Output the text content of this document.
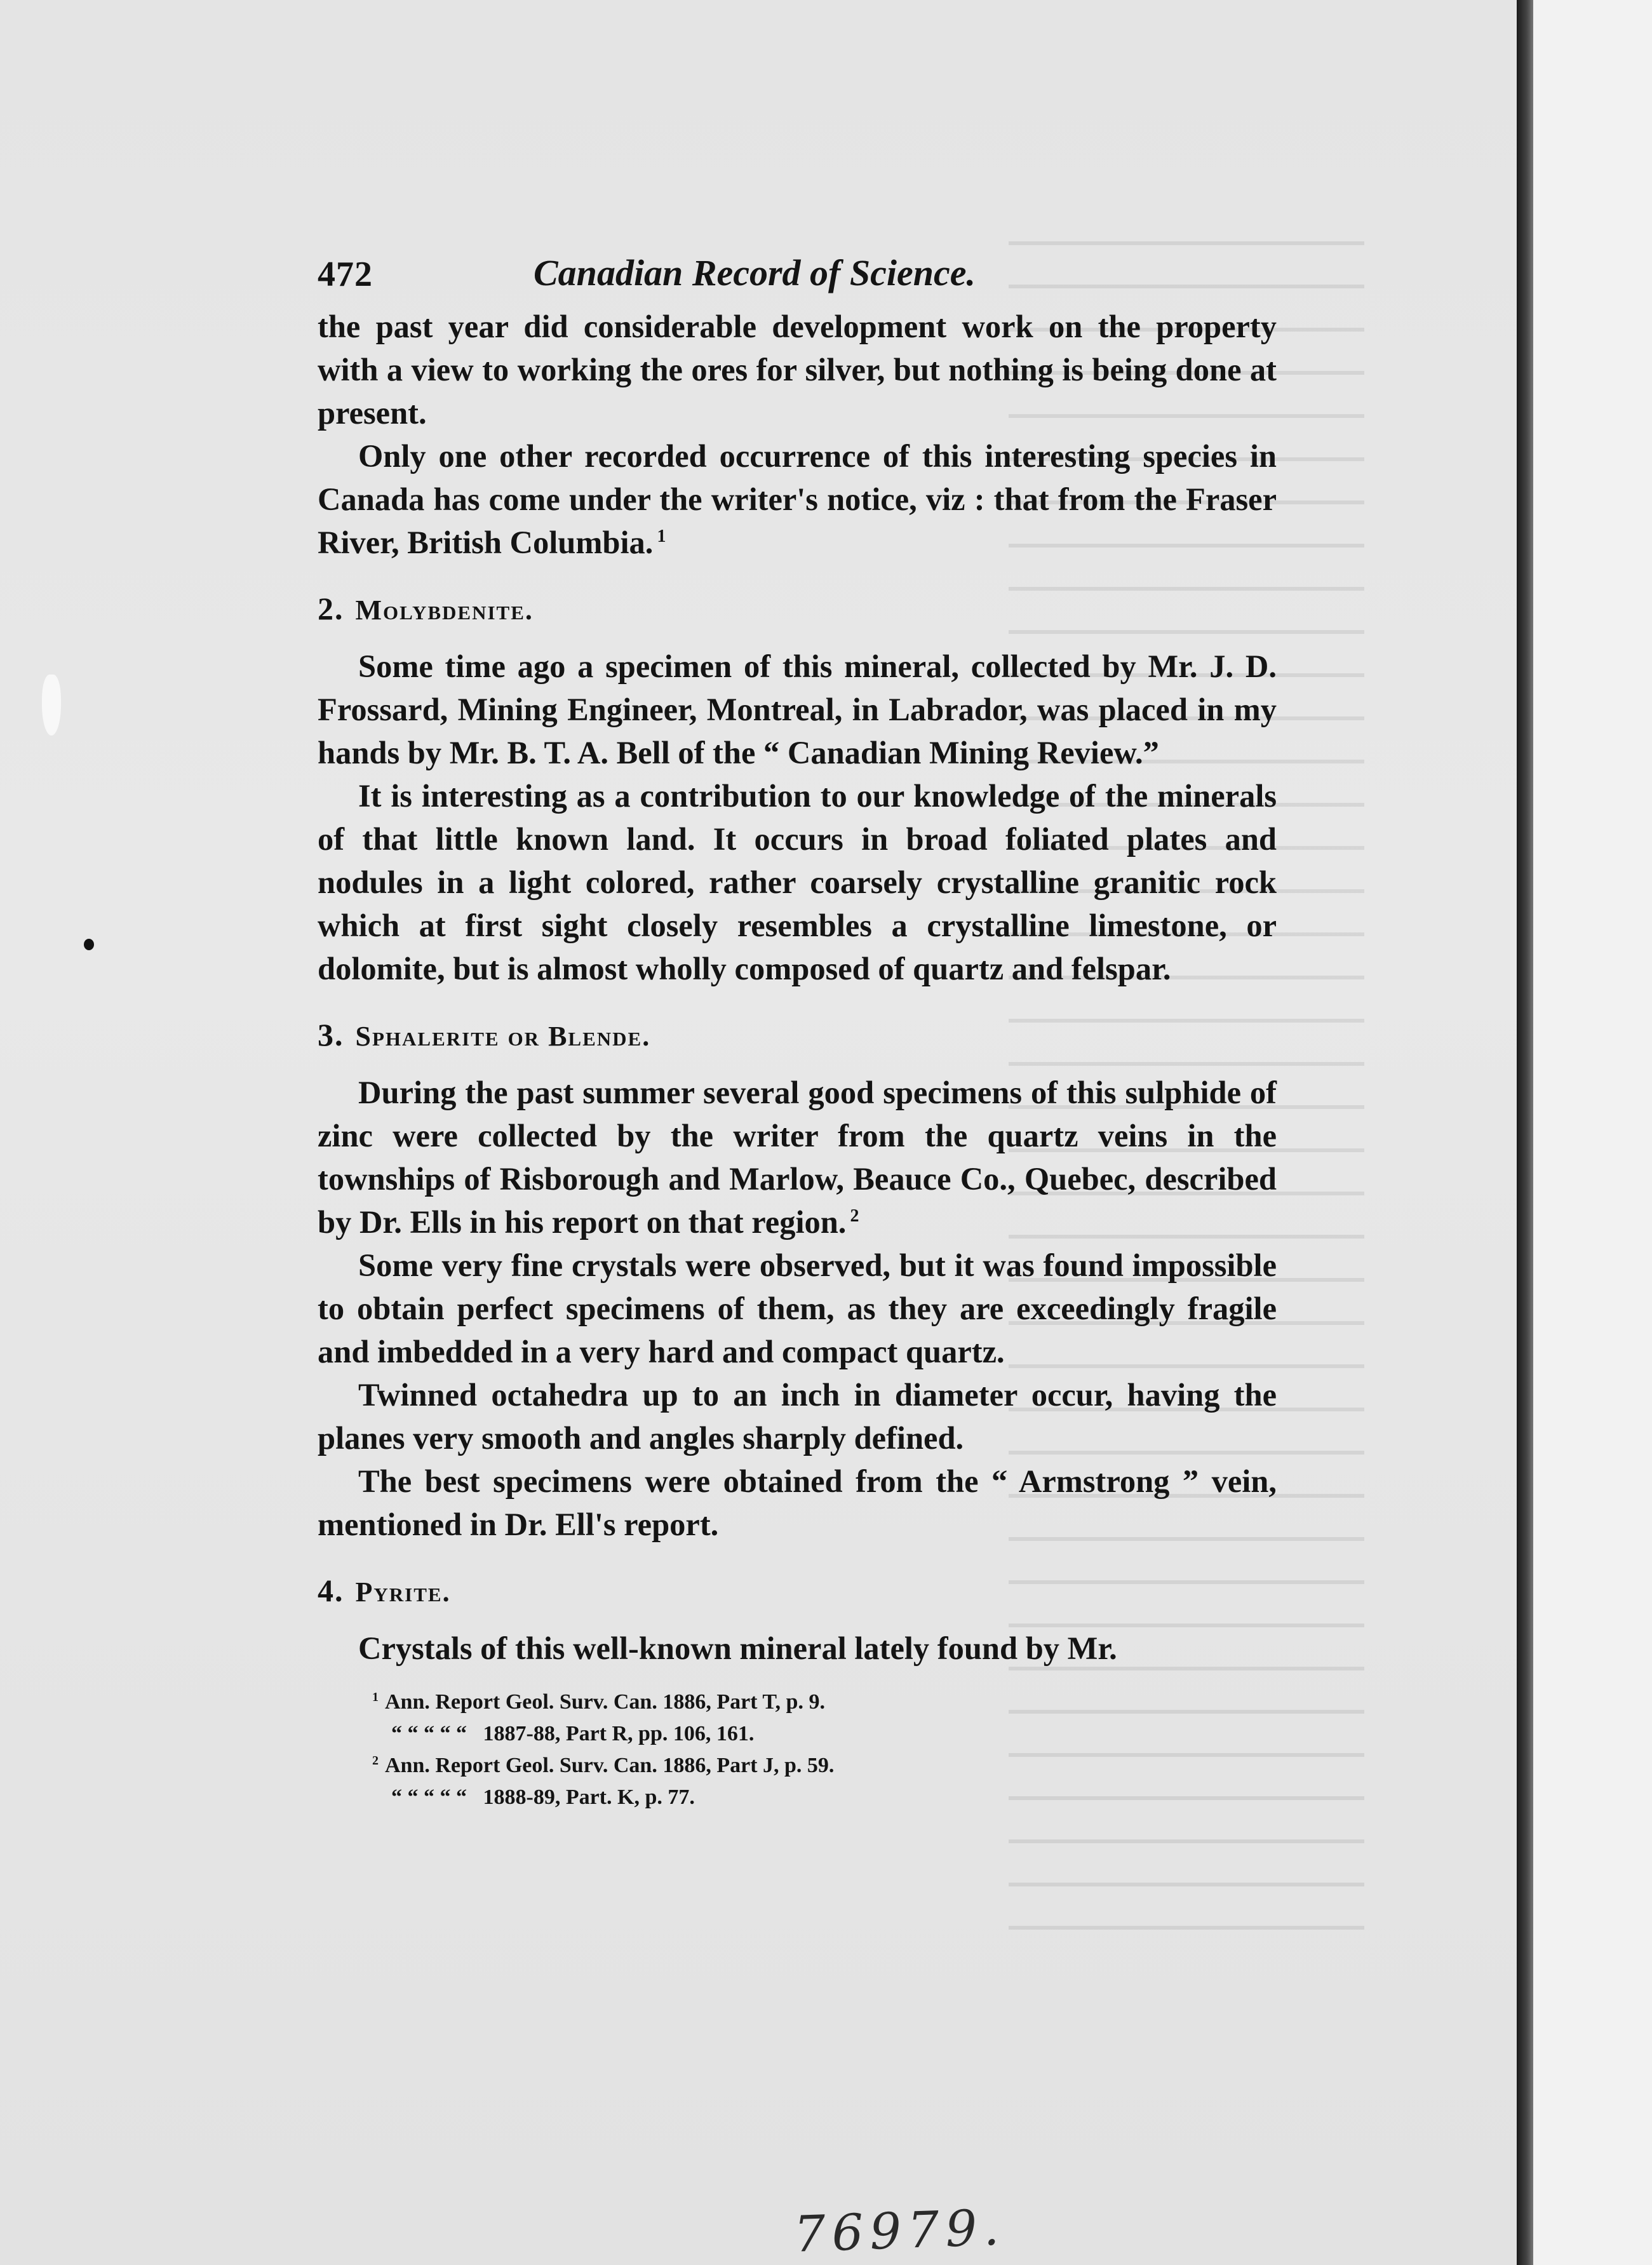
472	Canadian Record of Science.

the past year did considerable development work on the property with a view to working the ores for silver, but nothing is being done at present.

Only one other recorded occurrence of this interesting species in Canada has come under the writer's notice, viz : that from the Fraser River, British Columbia. $^1$

2. Molybdenite.

Some time ago a specimen of this mineral, collected by Mr. J. D. Frossard, Mining Engineer, Montreal, in Labrador, was placed in my hands by Mr. B. T. A. Bell of the “ Canadian Mining Review.”

It is interesting as a contribution to our knowledge of the minerals of that little known land. It occurs in broad foliated plates and nodules in a light colored, rather coarsely crystalline granitic rock which at first sight closely resembles a crystalline limestone, or dolomite, but is almost wholly composed of quartz and felspar.

3. Sphalerite or Blende.

During the past summer several good specimens of this sulphide of zinc were collected by the writer from the quartz veins in the townships of Risborough and Marlow, Beauce Co., Quebec, described by Dr. Ells in his report on that region. $^2$

Some very fine crystals were observed, but it was found impossible to obtain perfect specimens of them, as they are exceedingly fragile and imbedded in a very hard and compact quartz.

Twinned octahedra up to an inch in diameter occur, having the planes very smooth and angles sharply defined.

The best specimens were obtained from the “ Armstrong ” vein, mentioned in Dr. Ell's report.

4. Pyrite.

Crystals of this well-known mineral lately found by Mr.

$^1$ Ann. Report Geol. Surv. Can. 1886, Part T, p. 9.
“ “ “ “ “ 1887-88, Part R, pp. 106, 161.
$^2$ Ann. Report Geol. Surv. Can. 1886, Part J, p. 59.
“ “ “ “ “ 1888-89, Part. K, p. 77.
76979.
